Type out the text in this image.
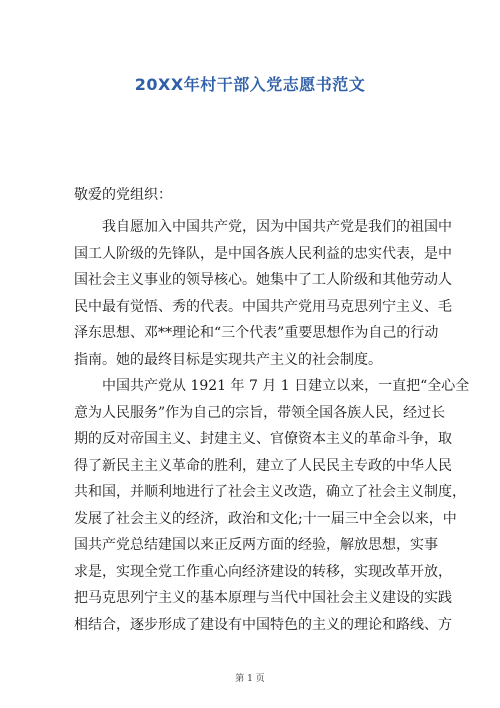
20XX年村干部入党志愿书范文
敬爱的党组织：
　　我自愿加入中国共产党，因为中国共产党是我们的祖国中
国工人阶级的先锋队，是中国各族人民利益的忠实代表，是中
国社会主义事业的领导核心。她集中了工人阶级和其他劳动人
民中最有觉悟、秀的代表。中国共产党用马克思列宁主义、毛
泽东思想、邓**理论和“三个代表”重要思想作为自己的行动
指南。她的最终目标是实现共产主义的社会制度。
　　中国共产党从 1921 年 7 月 1 日建立以来，一直把“全心全
意为人民服务”作为自己的宗旨，带领全国各族人民，经过长
期的反对帝国主义、封建主义、官僚资本主义的革命斗争，取
得了新民主主义革命的胜利，建立了人民民主专政的中华人民
共和国，并顺利地进行了社会主义改造，确立了社会主义制度，
发展了社会主义的经济，政治和文化;十一届三中全会以来，中
国共产党总结建国以来正反两方面的经验，解放思想，实事
求是，实现全党工作重心向经济建设的转移，实现改革开放，
把马克思列宁主义的基本原理与当代中国社会主义建设的实践
相结合，逐步形成了建设有中国特色的主义的理论和路线、方
第 1 页
